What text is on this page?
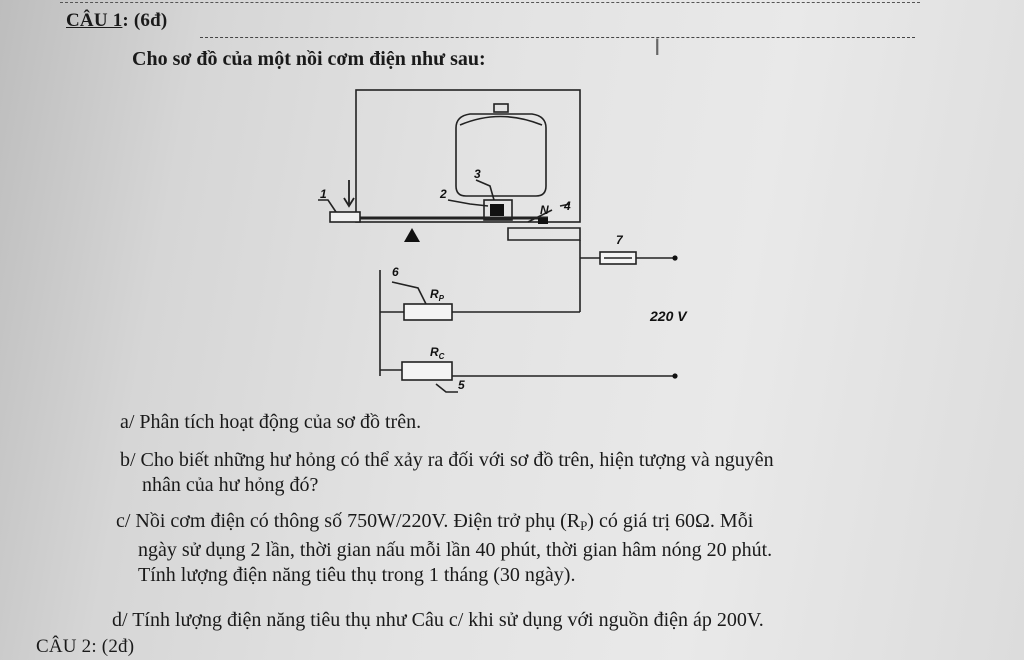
CÂU 1: (6đ)
I
Cho sơ đồ của một nồi cơm điện như sau:
1	2
3
N 4
7
6
5
$R_P$
$R_C$
220 V
a/ Phân tích hoạt động của sơ đồ trên.
b/ Cho biết những hư hỏng có thể xảy ra đối với sơ đồ trên, hiện tượng và nguyên
nhân của hư hỏng đó?
c/ Nồi cơm điện có thông số 750W/220V. Điện trở phụ $(R_P)$ có giá trị 60Ω. Mỗi
ngày sử dụng 2 lần, thời gian nấu mỗi lần 40 phút, thời gian hâm nóng 20 phút.
Tính lượng điện năng tiêu thụ trong 1 tháng (30 ngày).
d/ Tính lượng điện năng tiêu thụ như Câu c/ khi sử dụng với nguồn điện áp 200V.
CÂU 2: (2đ)
